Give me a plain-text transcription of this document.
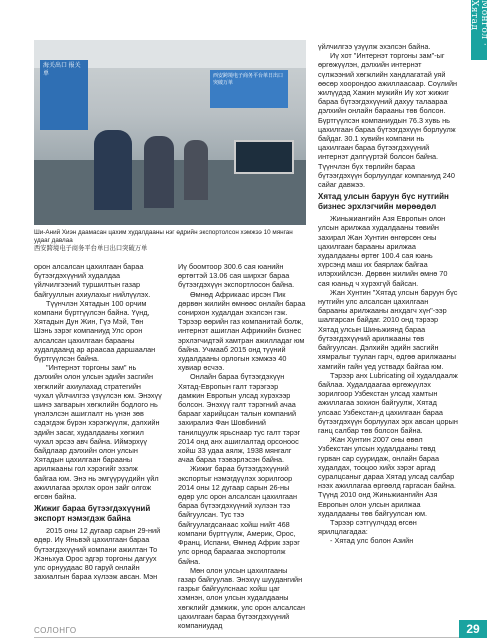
Монгол · Хятад
海关出口 报关单	西安跨境电子商务平台单日出口突破万单
Ши-Аний Хиэн даамасан цахим худалдааны нэг өдрийн экспортолсон хэмжээ 10 мянган удааг давлаа
西安跨境电子商务平台单日出口突破万单

орон алсалсан цахилгаан бараа бүтээгдэхүүний худалдаа үйлчилгээний туршилтын газар байгууллын ахиулахыг нийлүүлэх.

Түүнчлэн Хятадын 100 орчим компани бүртгүүлсэн байна. Үүнд, Хятадын Дун Жин, Гүэ Мэй, Төн Шэнь зэрэг компаниуд Улс орон алсалсан цахилгаан барааны худалдаанд ар араасаа даршаалан бүртгүүлсэн байна.

"Интернэт торгоны зам" нь дэлхийн олон улсын эдийн засгийн хөгжлийг ахиулахад стратегийн чухал үйлчилгээ үзүүлсэн юм. Энэхүү шинэ загварын хөгжлийн бодлого нь үнэлэлсэн ашиглалт нь үнэн зөв сэдэгдэж бүрэн хэрэгжүүлж, дэлхийн эдийн засаг, худалдааны хөгжил чухал эрсээ авч байна. Иймэрхүү байдлаар дэлхийн олон улсын Хятадын цахилгаан барааны арилжааны гол хэрэгийг эзэлж байгаа юм. Энэ нь эмгүүрүүдийн үйл ажиллагаа эрхлэх орон зайг олгож өгсөн байна.

Жижиг бараа бүтээгдэхүүний экспорт нэмэгдэж байна

2015 оны 12 дугаар сарын 29-ний өдөр. Иү Яньвэй цахилгаан бараа бүтээгдэхүүний компани ажилтан То Жэньхуа Орос эдгэр торгоны дагуух улс орнуудаас 80 гаруй онлайн захиалгын бараа хүлээж авсан. Мэн

Иү боомтоор 300.6 сая юанийн өртөгтэй 13.06 сая ширхэг бараа бүтээгдэхүүн экспортлосон байна.

Өмнөд Африкаас ирсэн Пик дөрвөн жилийн өмнөөс онлайн бараа сонирхон худалдан эхэлсэн гэж. Тэрээр өөрийн газ компанитай болж, интернэт ашиглан Африкийн бизнес эрхлэгчидтэй хамтран ажилладаг юм байна. Учмааб 2015 онд түүний худалдааны орлогын хэмжээ 40 хувиар өсчээ.

Онлайн бараа бүтээгдэхүүн Хятад-Европын галт тэрэгээр дамжин Европын улсад хүрэхээр болсон. Энэхүү галт тэрэгний ачаа барааг харийцсан талын компаний захиралиэ Фан Шовбиний танилцуулж ярьснаар тус галт тэрэг 2014 онд анх ашиглалтад орсоноос хойш 33 удаа аялж, 1938 мянгалг ачаа бараа тээвэрлэсэн байна.

Жижиг бараа бүтээгдэхүүний экспортыг нэмэгдүүлэх зорилгоор 2014 оны 12 дугаар сарын 26-ны өдөр улс орон алсалсан цахилгаан бараа бүтээгдэхүүний хүлээн тээ байгуулсан. Тус тээ байгуулагдсанаас хойш нийт 468 компани бүртгүүлж, Америк, Орос, Франц, Испани, Өмнөд Африк зэрэг улс орнод бараагаа экспортолж байна.

Мөн олон улсын цахилгааны газар байгуулав. Энэхүү шуудангийн газрыг байгуулснаас хойш цаг хэмнэн, олон улсын худалдааны хөгжлийг дэмжиж, улс орон алсалсан цахилгаан бараа бүтээгдэхүүний компаниудад

үйлчилгээ үзүүлж эхэлсэн байна.

Иү хот "Интернэт торгоны зам"-ыг өргөжүүлэн, дэлхийн интернэт сүлжээний хөгжлийн хандлагатай уяй өөсөр хоорондоо ажиллаасаар. Соүлийн жилүүдэд Хажин мужийн Иү хот жижиг бараа бүтээгдэхүүний дахуу талаараа дэлхийн онлайн барааны төв болсон. Бүртгүүлсэн компаниудын 76.3 хувь нь цахилгаан бараа бүтээгдэхүүн борлуулж байдаг. 30.1 хувийн компани нь цахилгаан бараа бүтээгдэхүүний интернэт дэлгүүртэй болсон байна. Түүнчлэн бүх төрлийн бараа бүтээгдэхүүн борлуулдаг компаниуд 240 сайаг давжээ.

Хятад улсын баруун бүс нутгийн бизнес эрхлэгчийн мөрөөдөл

Жиньжиангийн Азя Европын олон улсын арилжаа худалдааны төвийн захирал Жан Хунтин өнгөрсөн оны цахилгаан барааны арилжаа худалдааны өртөг 100.4 сая юань хүрсэнд маш их баярлаж байгаа илэрхийлсэн. Дөрвөн жилийн өмнө 70 сая юаньд ч хүрэхгүй байсан.

Жан Хунтин "Хятад улсын баруун бүс нутгийн улс алсалсан цахилгаан барааны арилжааны анхдагч хүн"-ээр шалгарсан байдаг. 2010 онд тэрээр Хятад улсын Шиньжиянд бараа бүтээгдэхүүний арилжааны төв байгуулсан. Дэлхийн эдийн засгийн хямралыг туулан гарч, өдгөө арилжааны хамгийн гайн үед уствадх байгаа юм.

Тэрээр анх Lubricating oil худалдаалж байлаа. Худалдаагаа өргөжүүлэх зорилгоор Узбекстан улсад хамтын ажиллагаа зохион байгуулж, Хятад улсаас Узбекстан-д цахилгаан бараа бүтээгдэхүүн борлуулах эрх авсан цорын ганц салбар төв болсон байна.

Жан Хунтин 2007 оны өвөл Узбекстан улсын худалдааны төвд гурван сар сууридаж, онлайн бараа худалдах, тооцоо хийх зэрэг аргад суралцсаныг дараа Хятад улсад салбар нээх ажиллагаа өргөөлд гаргасан байна. Түүнд 2010 онд Жиньжиангийн Азя Европын олон улсын арилжаа худалдааны төв байгуулсан юм.

Тэрээр сэтгүүлчдэд өгсөн ярилцлагадаа:

- Хятад улс болон Азийн

СОЛОНГО	29
